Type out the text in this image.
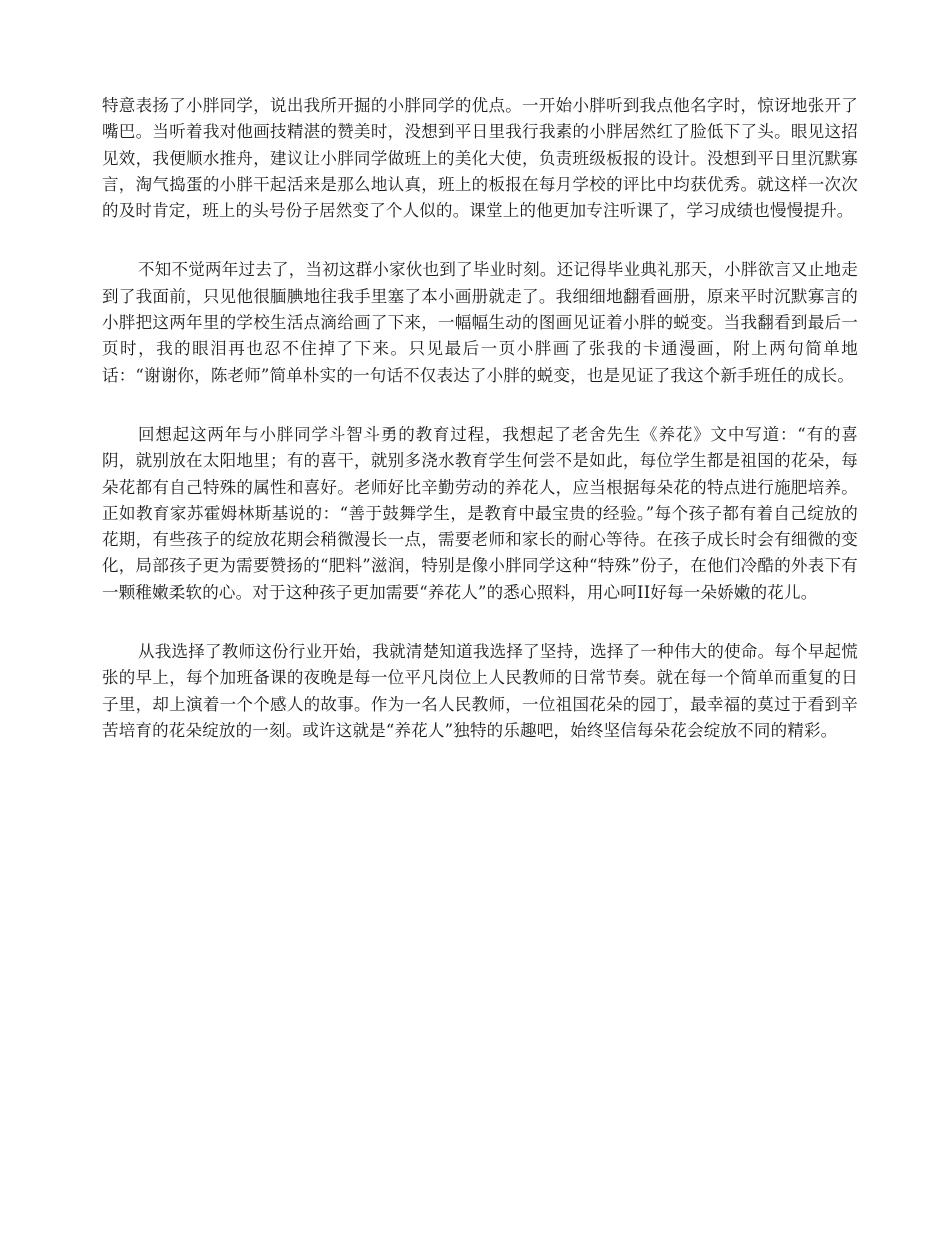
特意表扬了小胖同学，说出我所开掘的小胖同学的优点。一开始小胖听到我点他名字时，惊讶地张开了嘴巴。当听着我对他画技精湛的赞美时，没想到平日里我行我素的小胖居然红了脸低下了头。眼见这招见效，我便顺水推舟，建议让小胖同学做班上的美化大使，负责班级板报的设计。没想到平日里沉默寡言，淘气捣蛋的小胖干起活来是那么地认真，班上的板报在每月学校的评比中均获优秀。就这样一次次的及时肯定，班上的头号份子居然变了个人似的。课堂上的他更加专注听课了，学习成绩也慢慢提升。

不知不觉两年过去了，当初这群小家伙也到了毕业时刻。还记得毕业典礼那天，小胖欲言又止地走到了我面前，只见他很腼腆地往我手里塞了本小画册就走了。我细细地翻看画册，原来平时沉默寡言的小胖把这两年里的学校生活点滴给画了下来，一幅幅生动的图画见证着小胖的蜕变。当我翻看到最后一页时，我的眼泪再也忍不住掉了下来。只见最后一页小胖画了张我的卡通漫画，附上两句简单地话：“谢谢你，陈老师”简单朴实的一句话不仅表达了小胖的蜕变，也是见证了我这个新手班任的成长。

回想起这两年与小胖同学斗智斗勇的教育过程，我想起了老舍先生《养花》文中写道：“有的喜阴，就别放在太阳地里；有的喜干，就别多浇水教育学生何尝不是如此，每位学生都是祖国的花朵，每朵花都有自己特殊的属性和喜好。老师好比辛勤劳动的养花人，应当根据每朵花的特点进行施肥培养。正如教育家苏霍姆林斯基说的：“善于鼓舞学生，是教育中最宝贵的经验。”每个孩子都有着自己绽放的花期，有些孩子的绽放花期会稍微漫长一点，需要老师和家长的耐心等待。在孩子成长时会有细微的变化，局部孩子更为需要赞扬的“肥料”滋润，特别是像小胖同学这种“特殊”份子，在他们冷酷的外表下有一颗稚嫩柔软的心。对于这种孩子更加需要“养花人”的悉心照料，用心呵II好每一朵娇嫩的花儿。

从我选择了教师这份行业开始，我就清楚知道我选择了坚持，选择了一种伟大的使命。每个早起慌张的早上，每个加班备课的夜晚是每一位平凡岗位上人民教师的日常节奏。就在每一个简单而重复的日子里，却上演着一个个感人的故事。作为一名人民教师，一位祖国花朵的园丁，最幸福的莫过于看到辛苦培育的花朵绽放的一刻。或许这就是“养花人”独特的乐趣吧，始终坚信每朵花会绽放不同的精彩。
